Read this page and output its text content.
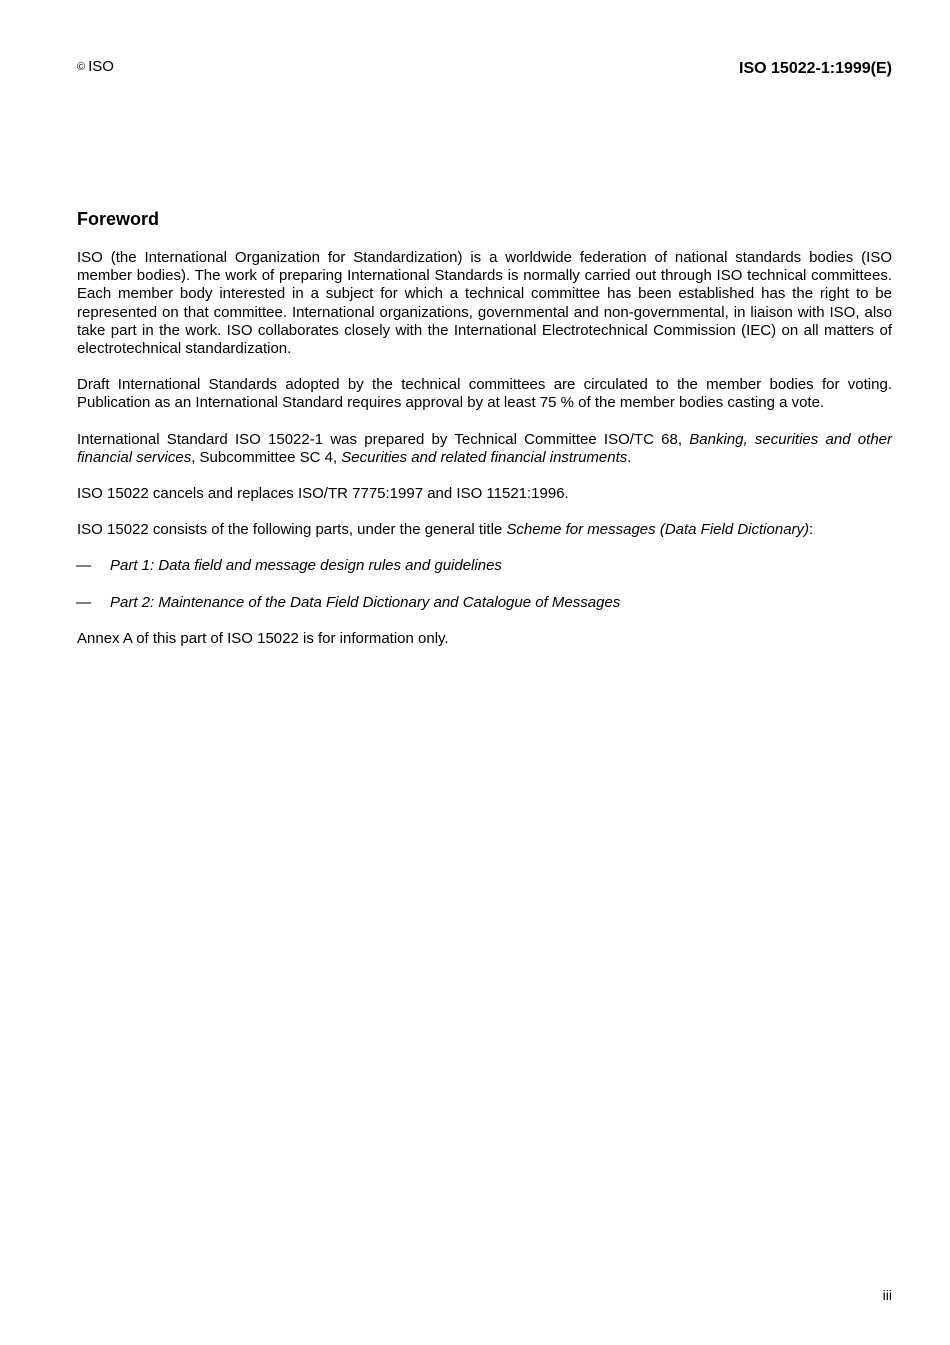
© ISO	ISO 15022-1:1999(E)
Foreword

ISO (the International Organization for Standardization) is a worldwide federation of national standards bodies (ISO member bodies). The work of preparing International Standards is normally carried out through ISO technical committees. Each member body interested in a subject for which a technical committee has been established has the right to be represented on that committee. International organizations, governmental and non-governmental, in liaison with ISO, also take part in the work. ISO collaborates closely with the International Electrotechnical Commission (IEC) on all matters of electrotechnical standardization.

Draft International Standards adopted by the technical committees are circulated to the member bodies for voting. Publication as an International Standard requires approval by at least 75 % of the member bodies casting a vote.

International Standard ISO 15022-1 was prepared by Technical Committee ISO/TC 68, Banking, securities and other financial services, Subcommittee SC 4, Securities and related financial instruments.

ISO 15022 cancels and replaces ISO/TR 7775:1997 and ISO 11521:1996.

ISO 15022 consists of the following parts, under the general title Scheme for messages (Data Field Dictionary):

— Part 1: Data field and message design rules and guidelines
— Part 2: Maintenance of the Data Field Dictionary and Catalogue of Messages

Annex A of this part of ISO 15022 is for information only.

iii
